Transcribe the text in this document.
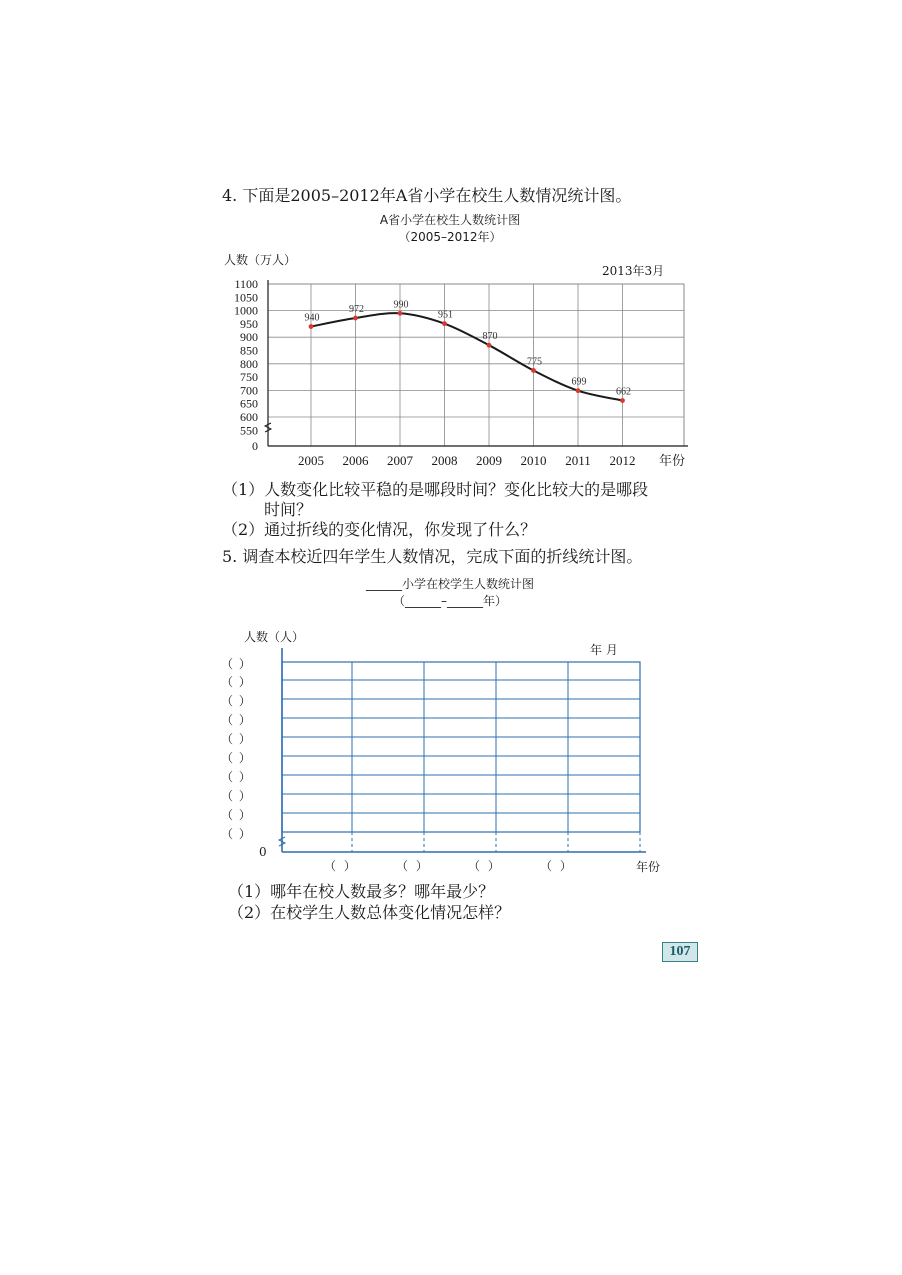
4. 下面是2005–2012年A省小学在校生人数情况统计图。
A省小学在校生人数统计图
（2005–2012年）
人数（万人）
2013年3月
1100
1050
1000
950
900
850
800
750
700
650
600
550
0
2005 2006 2007 2008 2009 2010 2011 2012 年份
940
972	990
951
870
775
699
662
（1）人数变化比较平稳的是哪段时间？变化比较大的是哪段
时间？
（2）通过折线的变化情况，你发现了什么？
5. 调查本校近四年学生人数情况，完成下面的折线统计图。
______小学在校学生人数统计图
（______–______年）
人数（人）
年 月
（ ）
（ ）
（ ）
（ ）
（ ）
（ ）
（ ）
（ ）
（ ）
（ ）
0
（ ）	（ ）	（ ）	（ ）	年份
（1）哪年在校人数最多？哪年最少？
（2）在校学生人数总体变化情况怎样？
107
